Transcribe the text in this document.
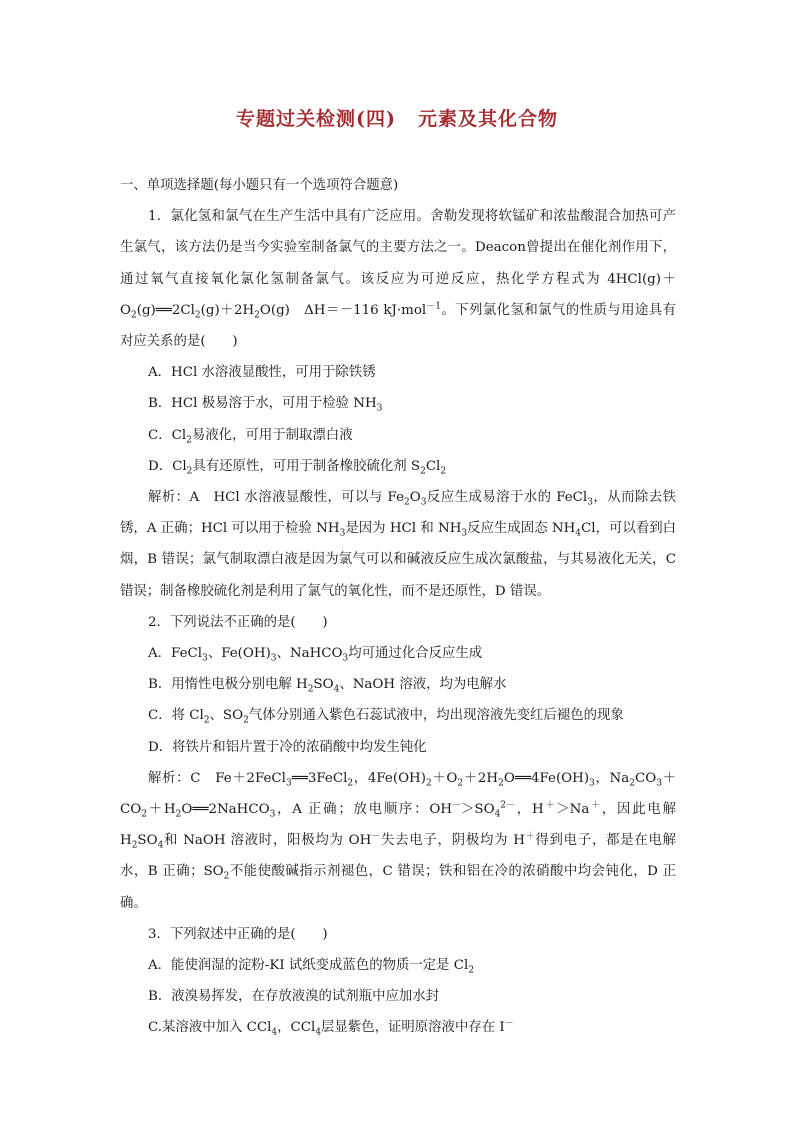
专题过关检测(四) 元素及其化合物

一、单项选择题(每小题只有一个选项符合题意)

1．氯化氢和氯气在生产生活中具有广泛应用。舍勒发现将软锰矿和浓盐酸混合加热可产生氯气，该方法仍是当今实验室制备氯气的主要方法之一。Deacon曾提出在催化剂作用下，通过氧气直接氧化氯化氢制备氯气。该反应为可逆反应，热化学方程式为 $4HCl(g)+O_2(g)══2Cl_2(g)+2H_2O(g)$　ΔH＝－116 kJ·mol$^{-1}$。下列氯化氢和氯气的性质与用途具有对应关系的是(　　)

A．HCl 水溶液显酸性，可用于除铁锈

B．HCl 极易溶于水，可用于检验 $NH_3$

C．$Cl_2$易液化，可用于制取漂白液

D．$Cl_2$具有还原性，可用于制备橡胶硫化剂 $S_2Cl_2$

解析：A　HCl 水溶液显酸性，可以与 $Fe_2O_3$反应生成易溶于水的 FeCl$_3$，从而除去铁锈，A 正确；HCl 可以用于检验 $NH_3$是因为 HCl 和 $NH_3$反应生成固态 $NH_4Cl$，可以看到白烟，B 错误；氯气制取漂白液是因为氯气可以和碱液反应生成次氯酸盐，与其易液化无关，C 错误；制备橡胶硫化剂是利用了氯气的氧化性，而不是还原性，D 错误。

2．下列说法不正确的是(　　)

A．FeCl$_3$、$Fe(OH)_3$、NaHCO$_3$均可通过化合反应生成

B．用惰性电极分别电解 $H_2SO_4$、NaOH 溶液，均为电解水

C．将 $Cl_2$、$SO_2$气体分别通入紫色石蕊试液中，均出现溶液先变红后褪色的现象

D．将铁片和铝片置于冷的浓硝酸中均发生钝化

解析：C　Fe＋2FeCl$_3$══3FeCl$_2$，$4Fe(OH)_2+O_2+2H_2O══4Fe(OH)_3$，$Na_2CO_3+CO_2+H_2O══2NaHCO_3$，A 正确；放电顺序：$OH^->SO_4^{2-}$，H＋＞Na＋，因此电解 $H_2SO_4$和 NaOH 溶液时，阳极均为 OH－失去电子，阴极均为 H＋得到电子，都是在电解水，B 正确；$SO_2$不能使酸碱指示剂褪色，C 错误；铁和铝在冷的浓硝酸中均会钝化，D 正确。

3．下列叙述中正确的是(　　)

A．能使润湿的淀粉-KI 试纸变成蓝色的物质一定是 $Cl_2$

B．液溴易挥发，在存放液溴的试剂瓶中应加水封

C.某溶液中加入 CCl$_4$，CCl$_4$层显紫色，证明原溶液中存在 I－
